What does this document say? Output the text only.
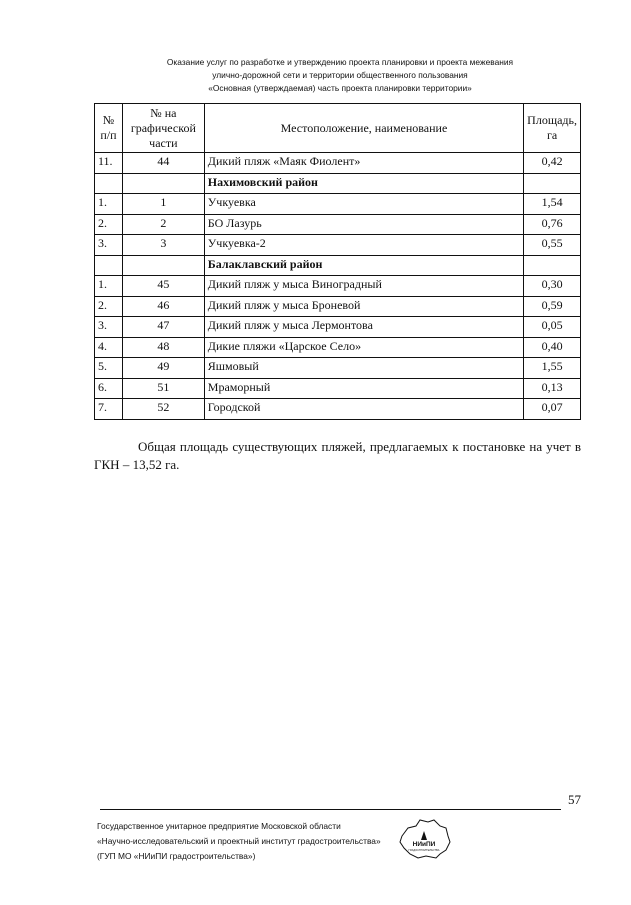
Оказание услуг по разработке и утверждению проекта планировки и проекта межевания
улично-дорожной сети и территории общественного пользования
«Основная (утверждаемая) часть проекта планировки территории»
№ п/п	№ на графической части	Местоположение, наименование	Площадь, га
11.	44	Дикий пляж «Маяк Фиолент»	0,42
		Нахимовский район	
1.	1	Учкуевка	1,54
2.	2	БО Лазурь	0,76
3.	3	Учкуевка-2	0,55
		Балаклавский район	
1.	45	Дикий пляж у мыса Виноградный	0,30
2.	46	Дикий пляж у мыса Броневой	0,59
3.	47	Дикий пляж у мыса Лермонтова	0,05
4.	48	Дикие пляжи «Царское Село»	0,40
5.	49	Яшмовый	1,55
6.	51	Мраморный	0,13
7.	52	Городской	0,07
Общая площадь существующих пляжей, предлагаемых к постановке на учет в ГКН – 13,52 га.
57
Государственное унитарное предприятие Московской области
«Научно-исследовательский и проектный институт градостроительства»
(ГУП МО «НИиПИ градостроительства»)
НИиПИ
ГРАДОСТРОИТЕЛЬСТВА
